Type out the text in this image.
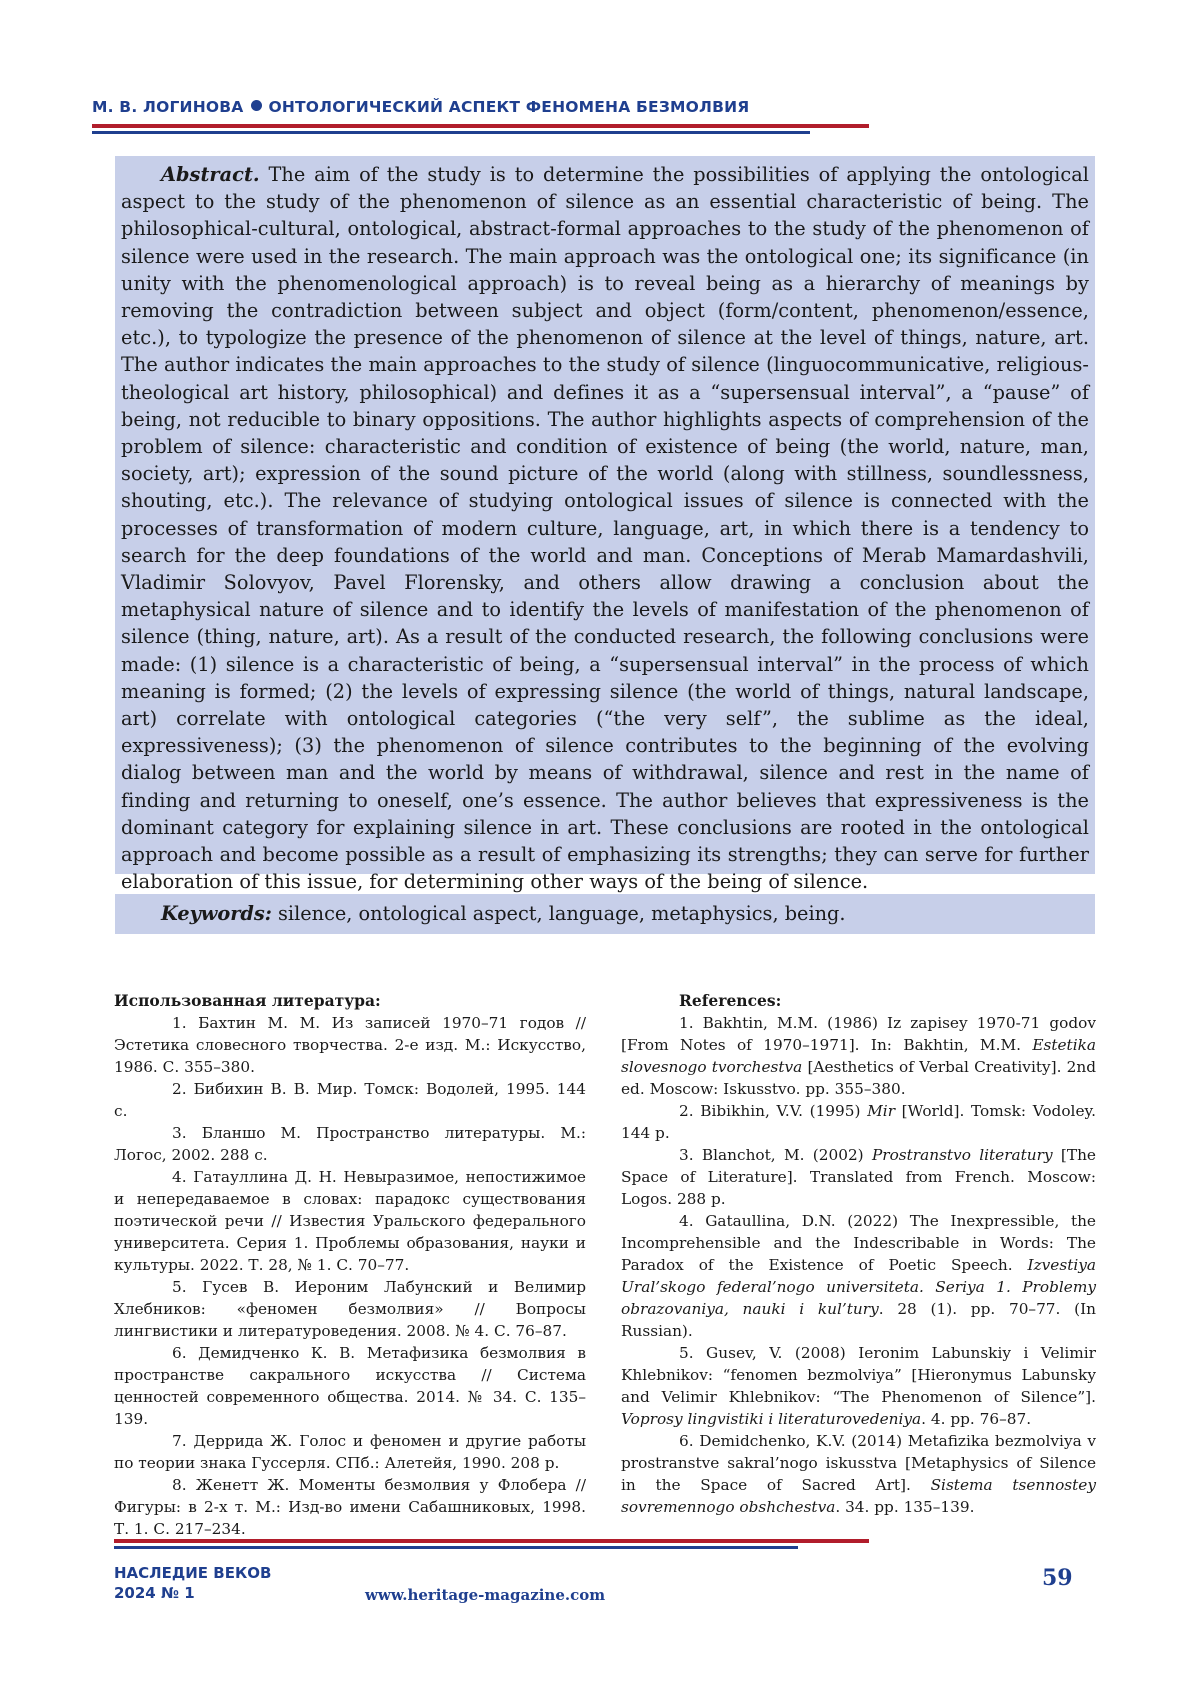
М. В. ЛОГИНОВА ОНТОЛОГИЧЕСКИЙ АСПЕКТ ФЕНОМЕНА БЕЗМОЛВИЯ

Abstract. The aim of the study is to determine the possibilities of applying the ontological aspect to the study of the phenomenon of silence as an essential characteristic of being. The philosophical-cultural, ontological, abstract-formal approaches to the study of the phenomenon of silence were used in the research. The main approach was the ontological one; its significance (in unity with the phenomenological approach) is to reveal being as a hierarchy of meanings by removing the contradiction between subject and object (form/content, phenomenon/essence, etc.), to typologize the presence of the phenomenon of silence at the level of things, nature, art. The author indicates the main approaches to the study of silence (linguocommunicative, religious-theological art history, philosophical) and defines it as a “supersensual interval”, a “pause” of being, not reducible to binary oppositions. The author highlights aspects of comprehension of the problem of silence: characteristic and condition of existence of being (the world, nature, man, society, art); expression of the sound picture of the world (along with stillness, soundlessness, shouting, etc.). The relevance of studying ontological issues of silence is connected with the processes of transformation of modern culture, language, art, in which there is a tendency to search for the deep foundations of the world and man. Conceptions of Merab Mamardashvili, Vladimir Solovyov, Pavel Florensky, and others allow drawing a conclusion about the metaphysical nature of silence and to identify the levels of manifestation of the phenomenon of silence (thing, nature, art). As a result of the conducted research, the following conclusions were made: (1) silence is a characteristic of being, a “supersensual interval” in the process of which meaning is formed; (2) the levels of expressing silence (the world of things, natural landscape, art) correlate with ontological categories (“the very self”, the sublime as the ideal, expressiveness); (3) the phenomenon of silence contributes to the beginning of the evolving dialog between man and the world by means of withdrawal, silence and rest in the name of finding and returning to oneself, one’s essence. The author believes that expressiveness is the dominant category for explaining silence in art. These conclusions are rooted in the ontological approach and become possible as a result of emphasizing its strengths; they can serve for further elaboration of this issue, for determining other ways of the being of silence.

Keywords: silence, ontological aspect, language, metaphysics, being.

Использованная литература:

1. Бахтин М. М. Из записей 1970–71 годов // Эстетика словесного творчества. 2-е изд. М.: Искусство, 1986. С. 355–380.

2. Бибихин В. В. Мир. Томск: Водолей, 1995. 144 с.

3. Бланшо М. Пространство литературы. М.: Логос, 2002. 288 с.

4. Гатауллина Д. Н. Невыразимое, непостижимое и непередаваемое в словах: парадокс существования поэтической речи // Известия Уральского федерального университета. Серия 1. Проблемы образования, науки и культуры. 2022. Т. 28, № 1. С. 70–77.

5. Гусев В. Иероним Лабунский и Велимир Хлебников: «феномен безмолвия» // Вопросы лингвистики и литературоведения. 2008. № 4. С. 76–87.

6. Демидченко К. В. Метафизика безмолвия в пространстве сакрального искусства // Система ценностей современного общества. 2014. № 34. С. 135–139.

7. Деррида Ж. Голос и феномен и другие работы по теории знака Гуссерля. СПб.: Алетейя, 1990. 208 р.

8. Женетт Ж. Моменты безмолвия у Флобера // Фигуры: в 2-х т. М.: Изд-во имени Сабашниковых, 1998. Т. 1. С. 217–234.

References:

1. Bakhtin, M.M. (1986) Iz zapisey 1970-71 godov [From Notes of 1970–1971]. In: Bakhtin, M.M. Estetika slovesnogo tvorchestva [Aesthetics of Verbal Creativity]. 2nd ed. Moscow: Iskusstvo. pp. 355–380.

2. Bibikhin, V.V. (1995) Mir [World]. Tomsk: Vodoley. 144 p.

3. Blanchot, M. (2002) Prostranstvo literatury [The Space of Literature]. Translated from French. Moscow: Logos. 288 p.

4. Gataullina, D.N. (2022) The Inexpressible, the Incomprehensible and the Indescribable in Words: The Paradox of the Existence of Poetic Speech. Izvestiya Ural’skogo federal’nogo universiteta. Seriya 1. Problemy obrazovaniya, nauki i kul’tury. 28 (1). pp. 70–77. (In Russian).

5. Gusev, V. (2008) Ieronim Labunskiy i Velimir Khlebnikov: “fenomen bezmolviya” [Hieronymus Labunsky and Velimir Khlebnikov: “The Phenomenon of Silence”]. Voprosy lingvistiki i literaturovedeniya. 4. pp. 76–87.

6. Demidchenko, K.V. (2014) Metafizika bezmolviya v prostranstve sakral’nogo iskusstva [Metaphysics of Silence in the Space of Sacred Art]. Sistema tsennostey sovremennogo obshchestva. 34. pp. 135–139.

НАСЛЕДИЕ ВЕКОВ
2024 № 1	www.heritage-magazine.com
59
